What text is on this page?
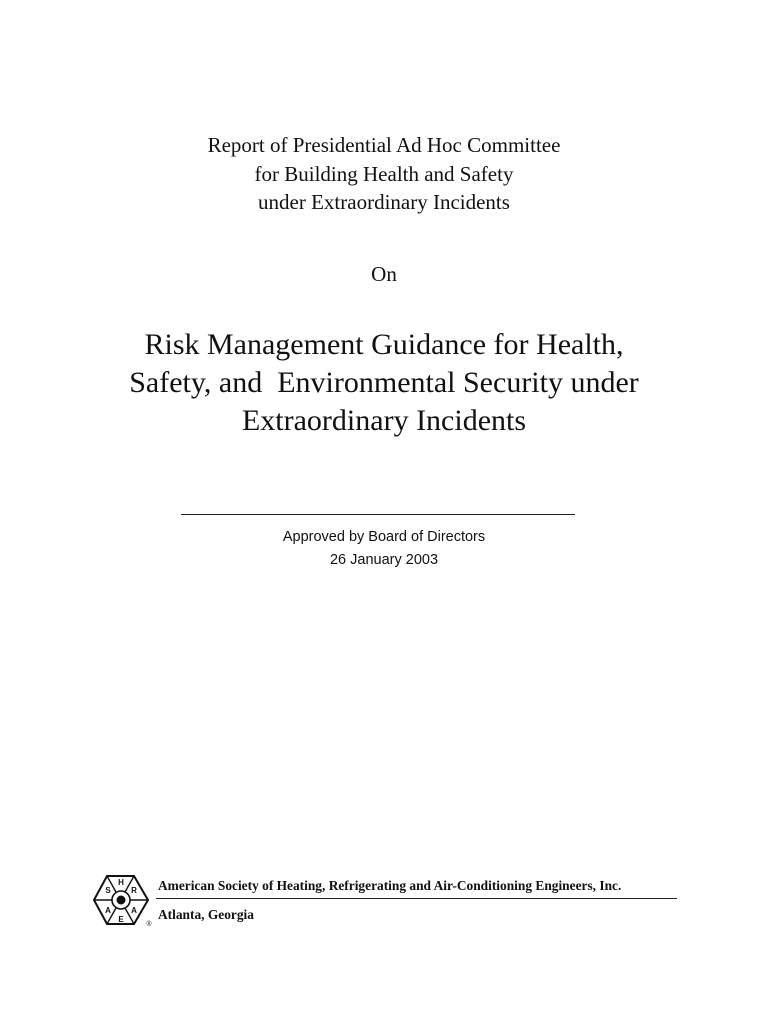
Report of Presidential Ad Hoc Committee
for Building Health and Safety
under Extraordinary Incidents
On
Risk Management Guidance for Health,
Safety, and  Environmental Security under
Extraordinary Incidents
Approved by Board of Directors
26 January 2003
H
R
A
E
A
S
®
American Society of Heating, Refrigerating and Air-Conditioning Engineers, Inc.
Atlanta, Georgia
